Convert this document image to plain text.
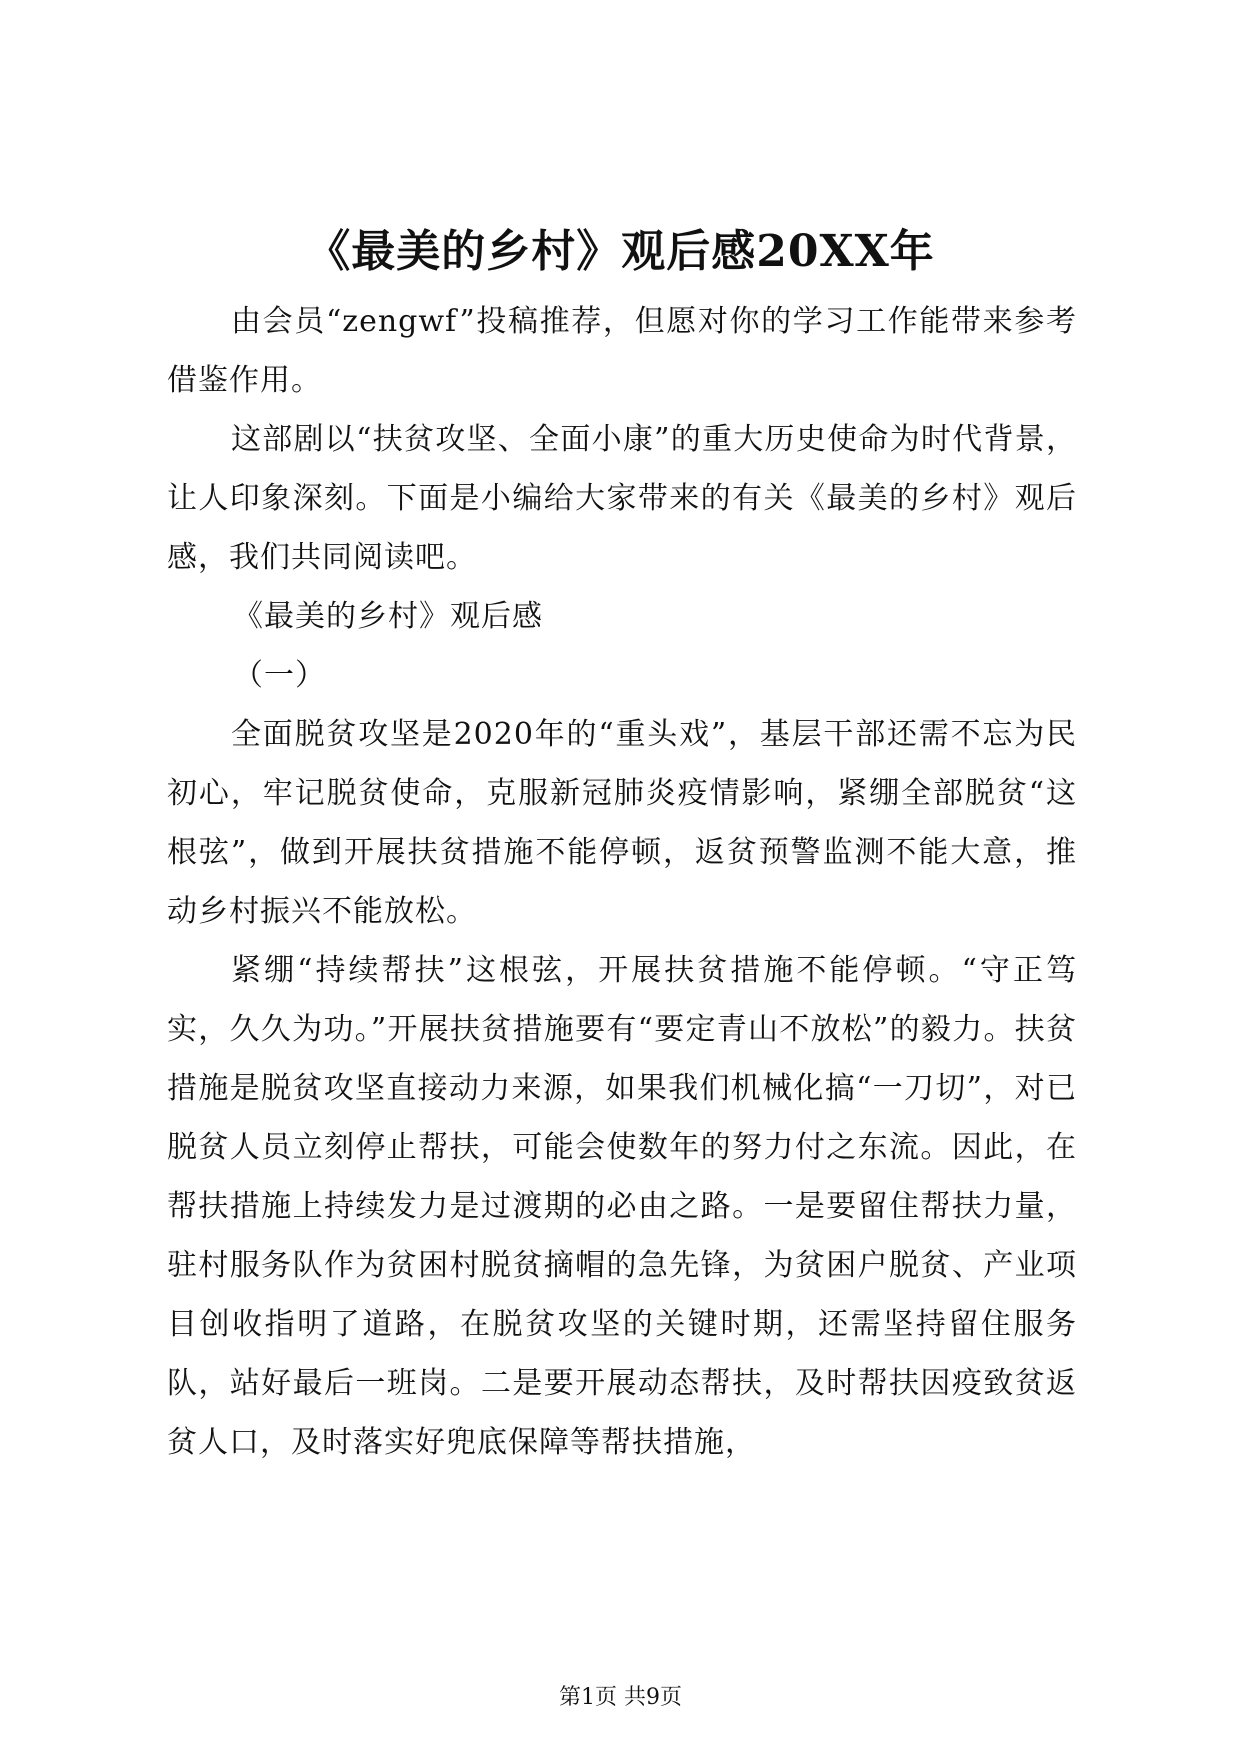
《最美的乡村》观后感20XX年

由会员“zengwf”投稿推荐，但愿对你的学习工作能带来参考借鉴作用。

这部剧以“扶贫攻坚、全面小康”的重大历史使命为时代背景，让人印象深刻。下面是小编给大家带来的有关《最美的乡村》观后感，我们共同阅读吧。

《最美的乡村》观后感

（一）

全面脱贫攻坚是2020年的“重头戏”，基层干部还需不忘为民初心，牢记脱贫使命，克服新冠肺炎疫情影响，紧绷全部脱贫“这根弦”，做到开展扶贫措施不能停顿，返贫预警监测不能大意，推动乡村振兴不能放松。

紧绷“持续帮扶”这根弦，开展扶贫措施不能停顿。“守正笃实，久久为功。”开展扶贫措施要有“要定青山不放松”的毅力。扶贫措施是脱贫攻坚直接动力来源，如果我们机械化搞“一刀切”，对已脱贫人员立刻停止帮扶，可能会使数年的努力付之东流。因此，在帮扶措施上持续发力是过渡期的必由之路。一是要留住帮扶力量，驻村服务队作为贫困村脱贫摘帽的急先锋，为贫困户脱贫、产业项目创收指明了道路，在脱贫攻坚的关键时期，还需坚持留住服务队，站好最后一班岗。二是要开展动态帮扶，及时帮扶因疫致贫返贫人口，及时落实好兜底保障等帮扶措施，

第1页 共9页
